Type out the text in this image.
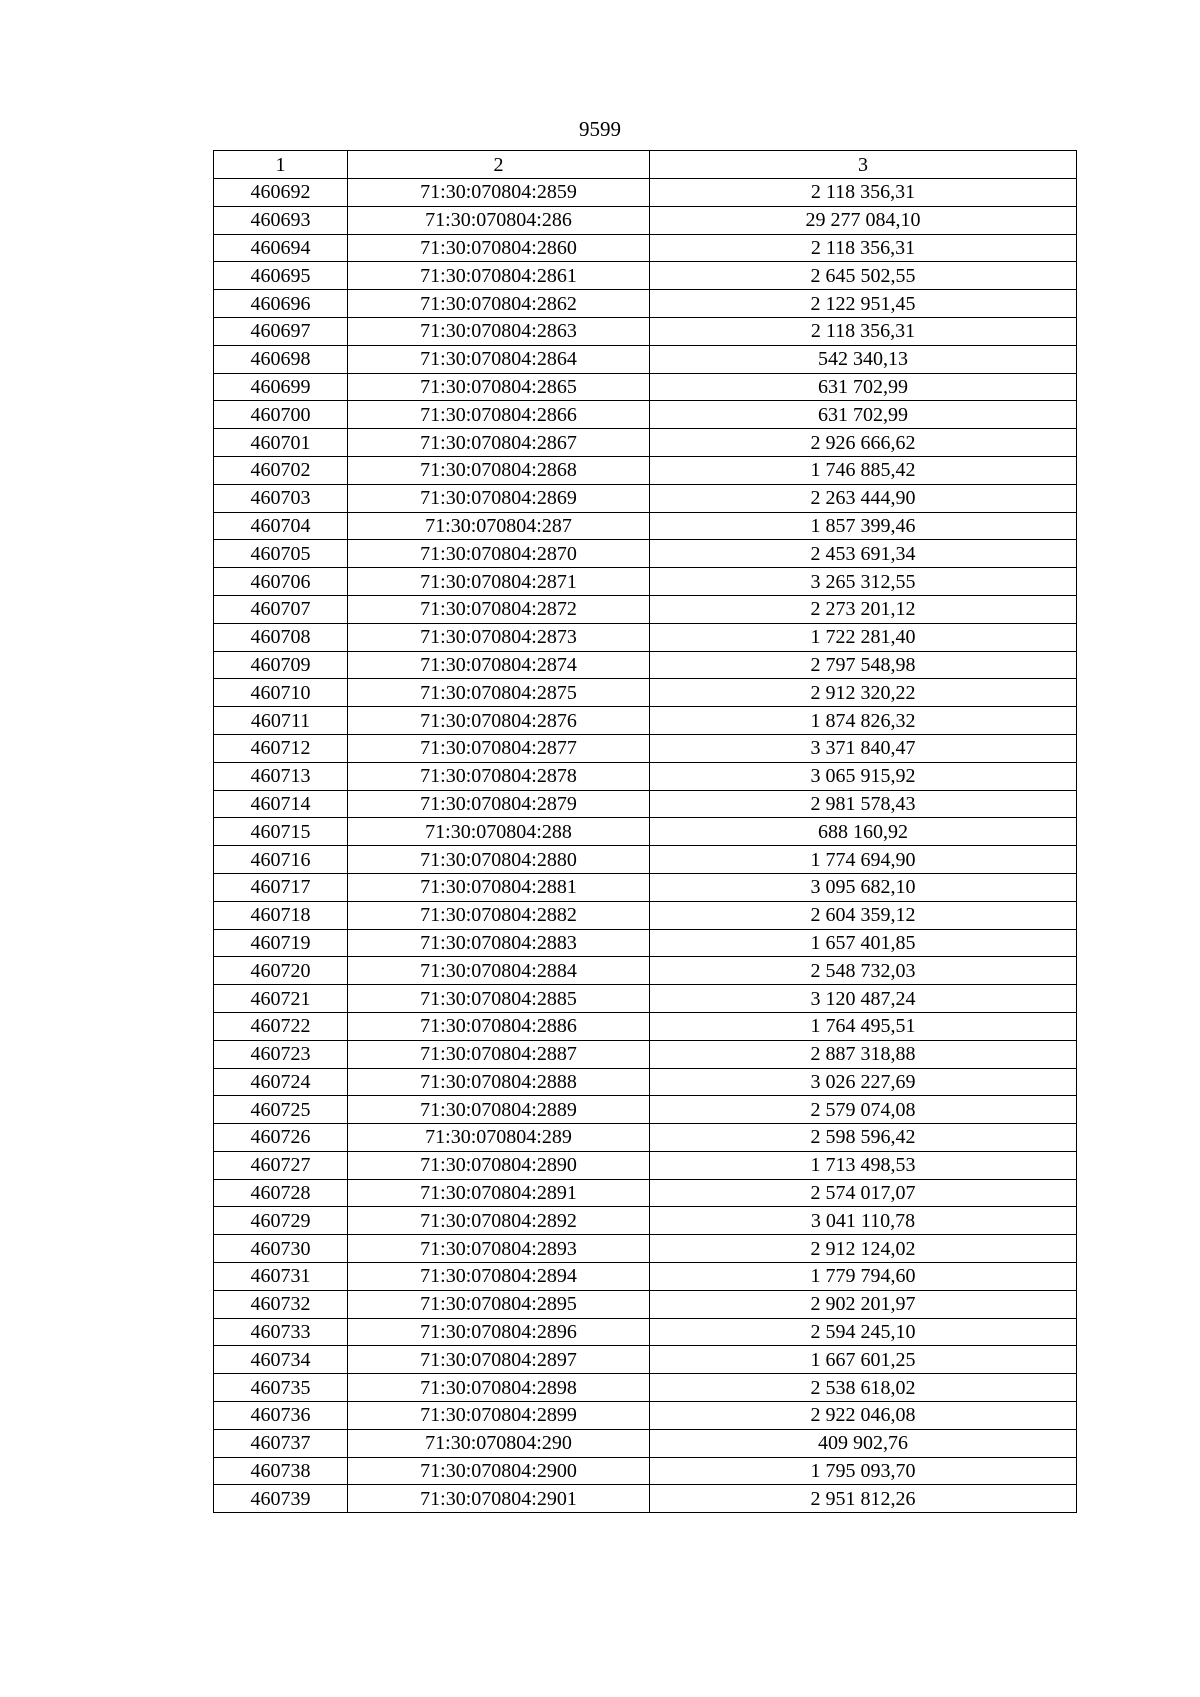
9599
1	2	3
460692	71:30:070804:2859	2 118 356,31
460693	71:30:070804:286	29 277 084,10
460694	71:30:070804:2860	2 118 356,31
460695	71:30:070804:2861	2 645 502,55
460696	71:30:070804:2862	2 122 951,45
460697	71:30:070804:2863	2 118 356,31
460698	71:30:070804:2864	542 340,13
460699	71:30:070804:2865	631 702,99
460700	71:30:070804:2866	631 702,99
460701	71:30:070804:2867	2 926 666,62
460702	71:30:070804:2868	1 746 885,42
460703	71:30:070804:2869	2 263 444,90
460704	71:30:070804:287	1 857 399,46
460705	71:30:070804:2870	2 453 691,34
460706	71:30:070804:2871	3 265 312,55
460707	71:30:070804:2872	2 273 201,12
460708	71:30:070804:2873	1 722 281,40
460709	71:30:070804:2874	2 797 548,98
460710	71:30:070804:2875	2 912 320,22
460711	71:30:070804:2876	1 874 826,32
460712	71:30:070804:2877	3 371 840,47
460713	71:30:070804:2878	3 065 915,92
460714	71:30:070804:2879	2 981 578,43
460715	71:30:070804:288	688 160,92
460716	71:30:070804:2880	1 774 694,90
460717	71:30:070804:2881	3 095 682,10
460718	71:30:070804:2882	2 604 359,12
460719	71:30:070804:2883	1 657 401,85
460720	71:30:070804:2884	2 548 732,03
460721	71:30:070804:2885	3 120 487,24
460722	71:30:070804:2886	1 764 495,51
460723	71:30:070804:2887	2 887 318,88
460724	71:30:070804:2888	3 026 227,69
460725	71:30:070804:2889	2 579 074,08
460726	71:30:070804:289	2 598 596,42
460727	71:30:070804:2890	1 713 498,53
460728	71:30:070804:2891	2 574 017,07
460729	71:30:070804:2892	3 041 110,78
460730	71:30:070804:2893	2 912 124,02
460731	71:30:070804:2894	1 779 794,60
460732	71:30:070804:2895	2 902 201,97
460733	71:30:070804:2896	2 594 245,10
460734	71:30:070804:2897	1 667 601,25
460735	71:30:070804:2898	2 538 618,02
460736	71:30:070804:2899	2 922 046,08
460737	71:30:070804:290	409 902,76
460738	71:30:070804:2900	1 795 093,70
460739	71:30:070804:2901	2 951 812,26
